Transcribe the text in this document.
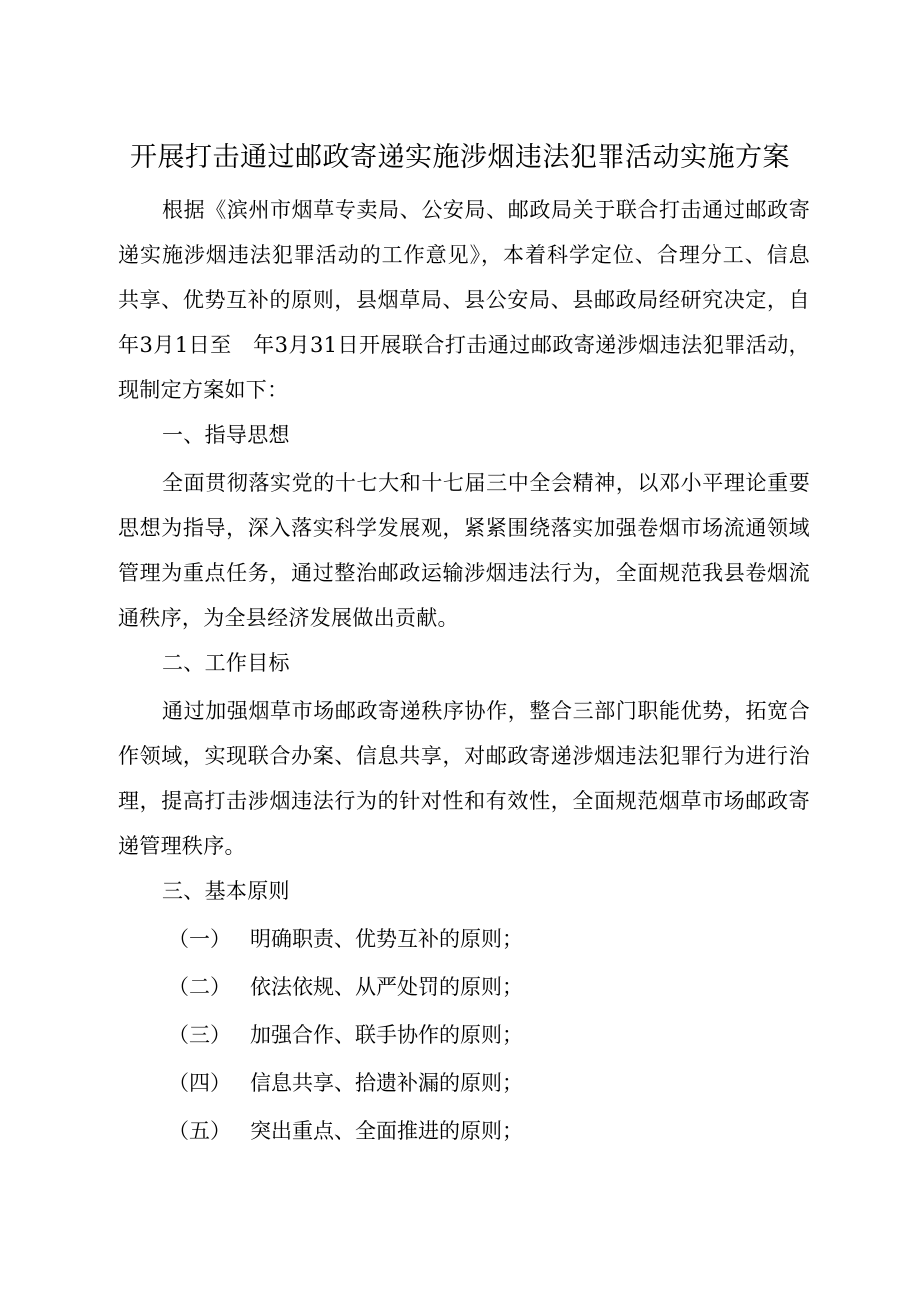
开展打击通过邮政寄递实施涉烟违法犯罪活动实施方案

根据《滨州市烟草专卖局、公安局、邮政局关于联合打击通过邮政寄递实施涉烟违法犯罪活动的工作意见》，本着科学定位、合理分工、信息共享、优势互补的原则，县烟草局、县公安局、县邮政局经研究决定，自年3月1日至　年3月31日开展联合打击通过邮政寄递涉烟违法犯罪活动，现制定方案如下：

一、指导思想

全面贯彻落实党的十七大和十七届三中全会精神，以邓小平理论重要思想为指导，深入落实科学发展观，紧紧围绕落实加强卷烟市场流通领域管理为重点任务，通过整治邮政运输涉烟违法行为，全面规范我县卷烟流通秩序，为全县经济发展做出贡献。

二、工作目标

通过加强烟草市场邮政寄递秩序协作，整合三部门职能优势，拓宽合作领域，实现联合办案、信息共享，对邮政寄递涉烟违法犯罪行为进行治理，提高打击涉烟违法行为的针对性和有效性，全面规范烟草市场邮政寄递管理秩序。

三、基本原则

（一） 明确职责、优势互补的原则；

（二） 依法依规、从严处罚的原则；

（三） 加强合作、联手协作的原则；

（四） 信息共享、拾遗补漏的原则；

（五） 突出重点、全面推进的原则；
